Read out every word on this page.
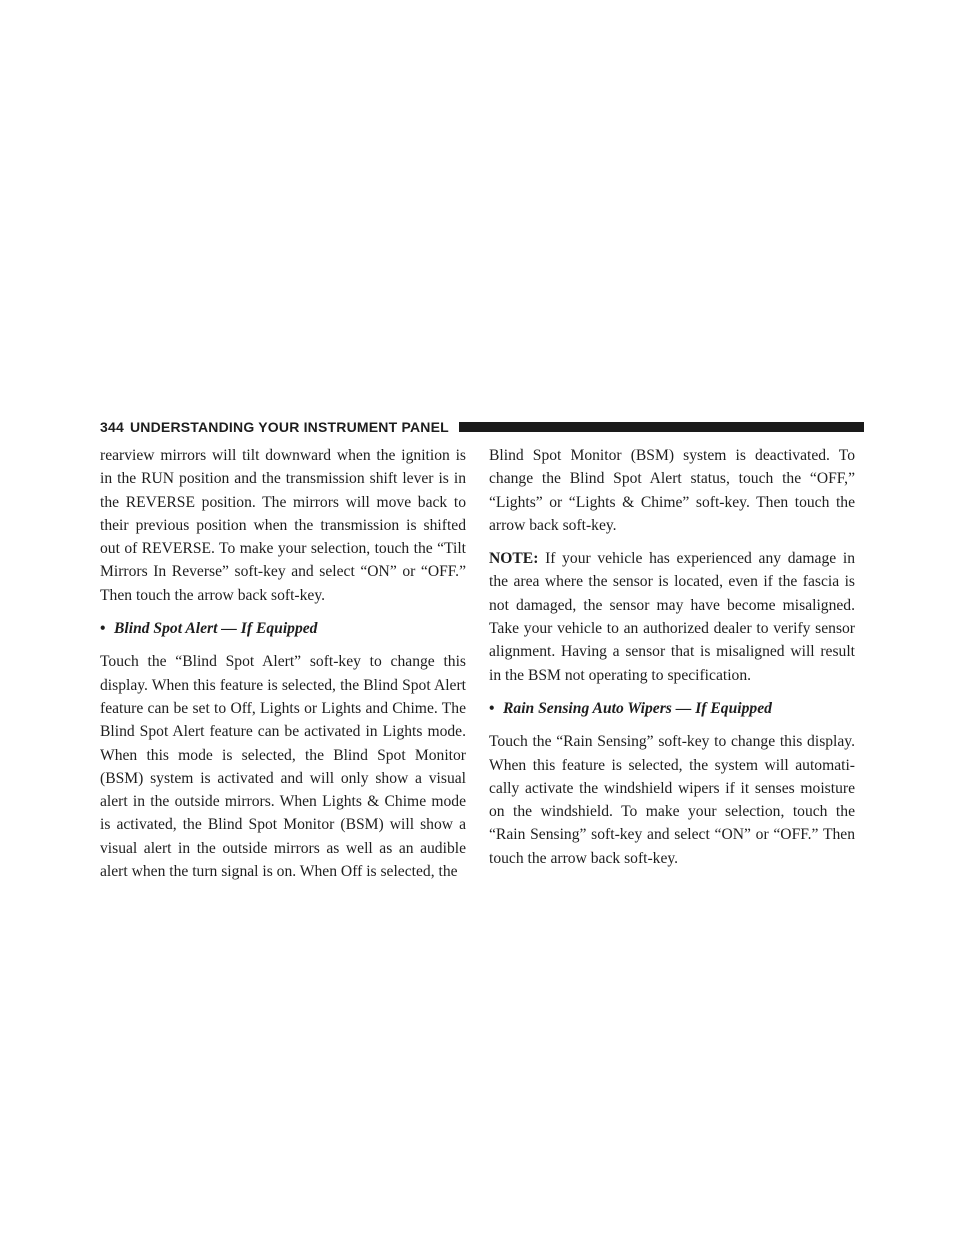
344 UNDERSTANDING YOUR INSTRUMENT PANEL

rearview mirrors will tilt downward when the ignition is in the RUN position and the transmission shift lever is in the REVERSE position. The mirrors will move back to their previous position when the transmission is shifted out of REVERSE. To make your selection, touch the “Tilt Mirrors In Reverse” soft-key and select “ON” or “OFF.” Then touch the arrow back soft-key.

• Blind Spot Alert — If Equipped

Touch the “Blind Spot Alert” soft-key to change this display. When this feature is selected, the Blind Spot Alert feature can be set to Off, Lights or Lights and Chime. The Blind Spot Alert feature can be activated in Lights mode. When this mode is selected, the Blind Spot Monitor (BSM) system is activated and will only show a visual alert in the outside mirrors. When Lights & Chime mode is activated, the Blind Spot Monitor (BSM) will show a visual alert in the outside mirrors as well as an audible alert when the turn signal is on. When Off is selected, the

Blind Spot Monitor (BSM) system is deactivated. To change the Blind Spot Alert status, touch the “OFF,” “Lights” or “Lights & Chime” soft-key. Then touch the arrow back soft-key.

NOTE: If your vehicle has experienced any damage in the area where the sensor is located, even if the fascia is not damaged, the sensor may have become misaligned. Take your vehicle to an authorized dealer to verify sensor alignment. Having a sensor that is misaligned will result in the BSM not operating to specification.

• Rain Sensing Auto Wipers — If Equipped

Touch the “Rain Sensing” soft-key to change this display. When this feature is selected, the system will automati-cally activate the windshield wipers if it senses moisture on the windshield. To make your selection, touch the “Rain Sensing” soft-key and select “ON” or “OFF.” Then touch the arrow back soft-key.
